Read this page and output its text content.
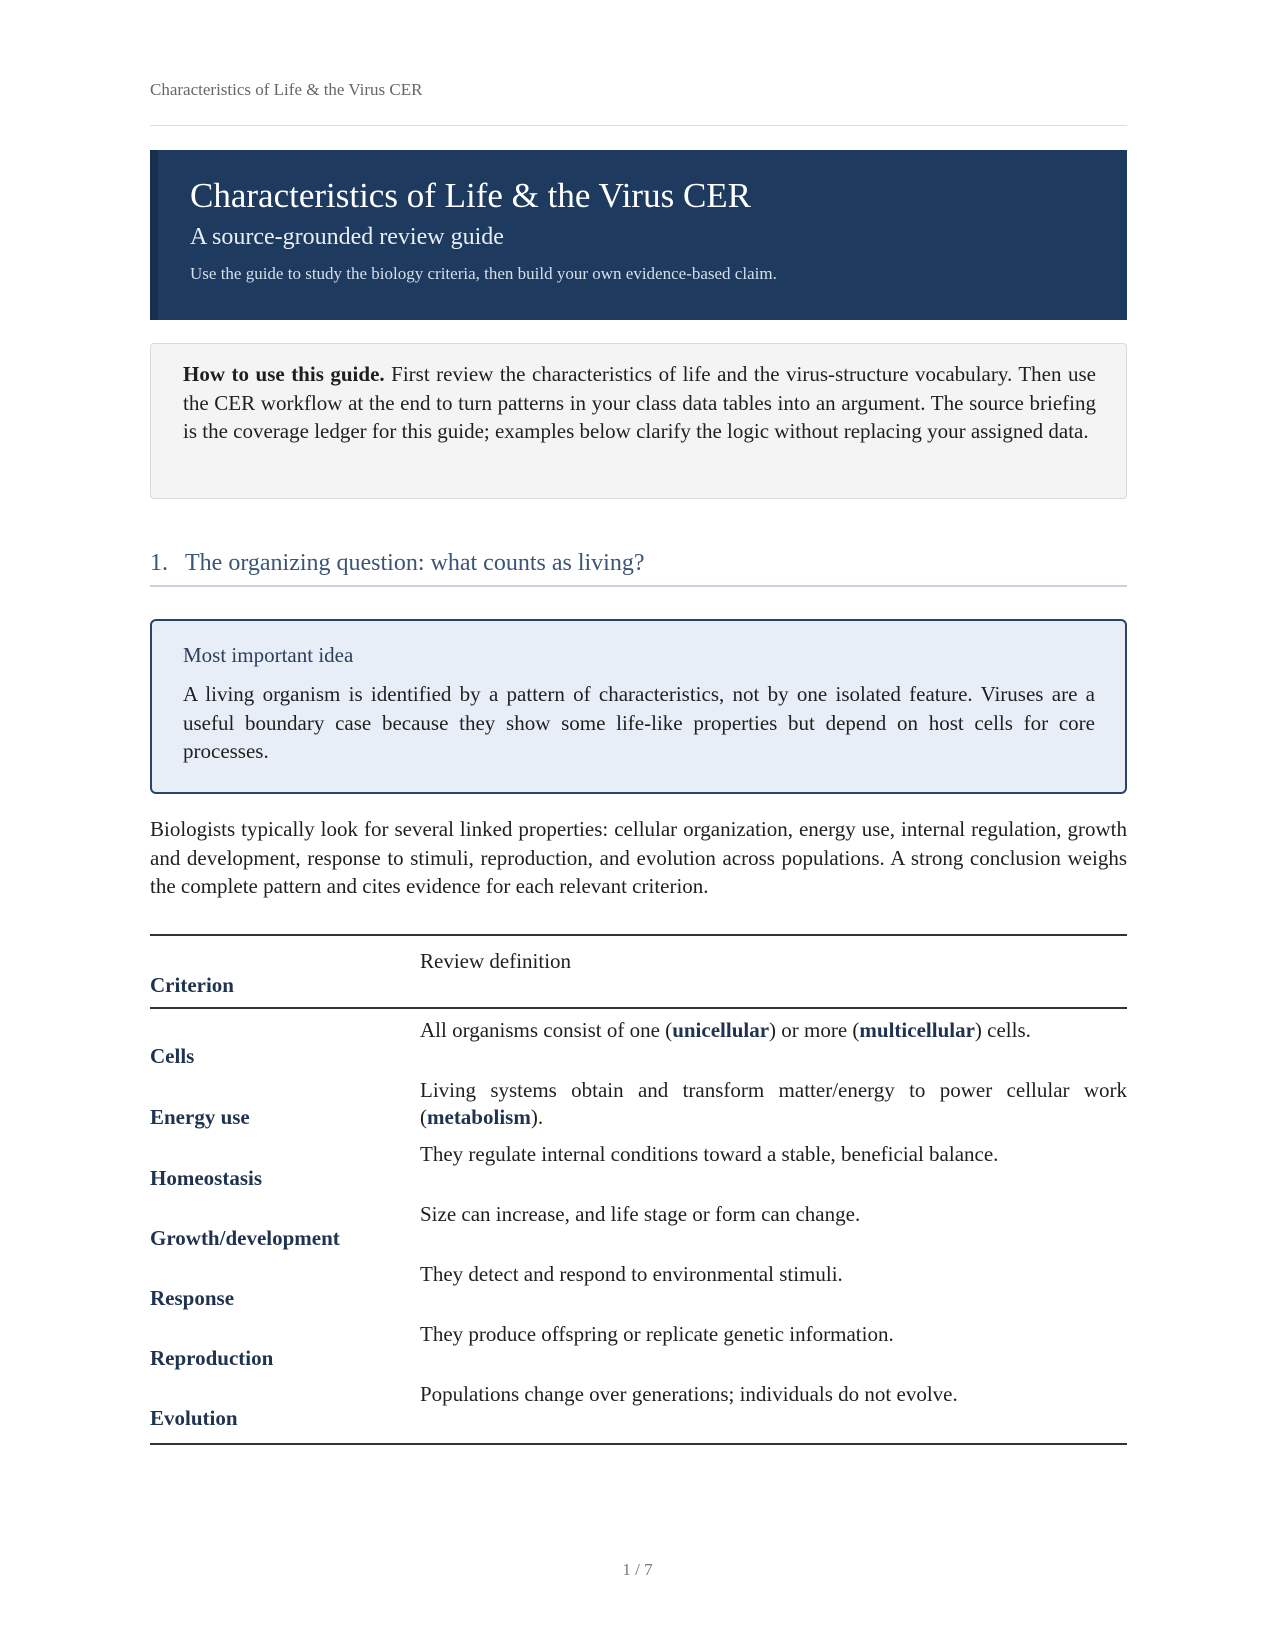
Characteristics of Life & the Virus CER
Characteristics of Life & the Virus CER
A source-grounded review guide
Use the guide to study the biology criteria, then build your own evidence-based claim.
How to use this guide. First review the characteristics of life and the virus-structure vocabulary. Then use the CER workflow at the end to turn patterns in your class data tables into an argument. The source briefing is the coverage ledger for this guide; examples below clarify the logic without replacing your assigned data.
1. The organizing question: what counts as living?
Most important idea
A living organism is identified by a pattern of characteristics, not by one isolated feature. Viruses are a useful boundary case because they show some life-like properties but depend on host cells for core processes.
Biologists typically look for several linked properties: cellular organization, energy use, internal regulation, growth and development, response to stimuli, reproduction, and evolution across populations. A strong conclusion weighs the complete pattern and cites evidence for each relevant criterion.
Review definition
Criterion
All organisms consist of one (unicellular) or more (multicellular) cells.
Cells
Living systems obtain and transform matter/energy to power cellular work (metabolism).
Energy use
They regulate internal conditions toward a stable, beneficial balance.
Homeostasis
Size can increase, and life stage or form can change.
Growth/development
They detect and respond to environmental stimuli.
Response
They produce offspring or replicate genetic information.
Reproduction
Populations change over generations; individuals do not evolve.
Evolution
1 / 7
